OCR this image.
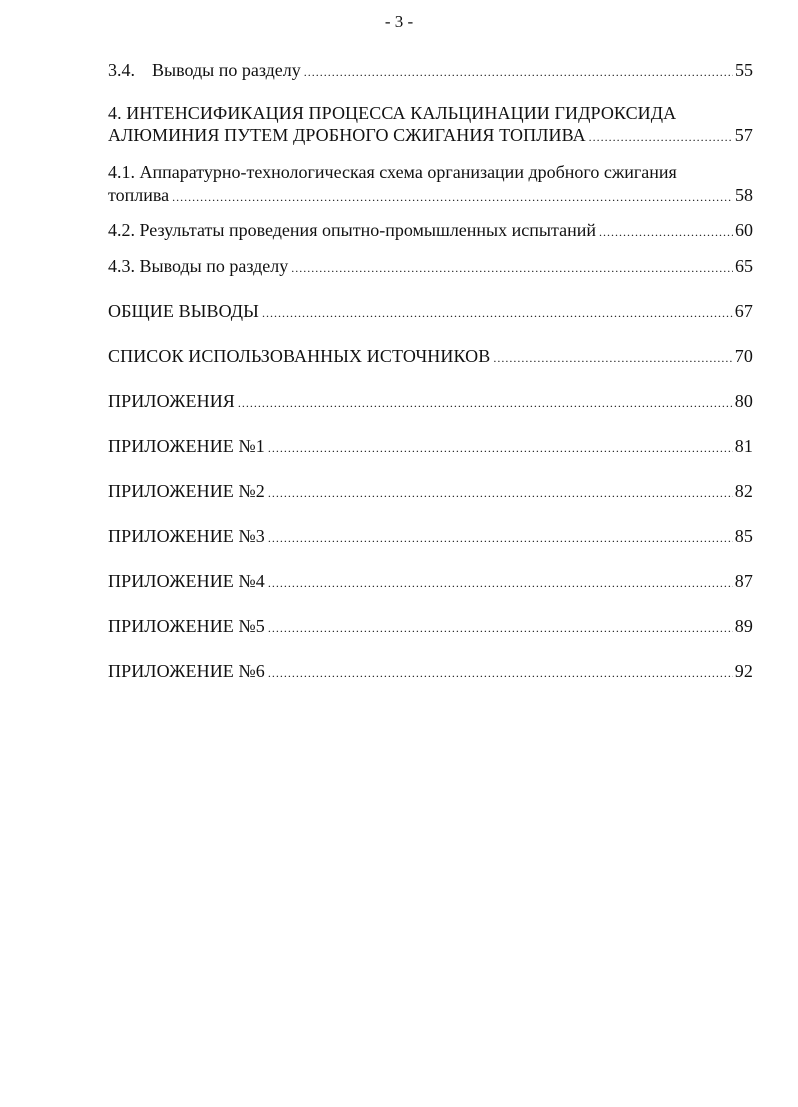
- 3 -
3.4. Выводы по разделу .....	55
4. ИНТЕНСИФИКАЦИЯ ПРОЦЕССА КАЛЬЦИНАЦИИ ГИДРОКСИДА
АЛЮМИНИЯ ПУТЕМ ДРОБНОГО СЖИГАНИЯ ТОПЛИВА .....	57
4.1. Аппаратурно-технологическая схема организации дробного сжигания
топлива .....	58
4.2. Результаты проведения опытно-промышленных испытаний .....	60
4.3. Выводы по разделу .....	65
ОБЩИЕ ВЫВОДЫ .....	67
СПИСОК ИСПОЛЬЗОВАННЫХ ИСТОЧНИКОВ .....	70
ПРИЛОЖЕНИЯ .....	80
ПРИЛОЖЕНИЕ №1 .....	81
ПРИЛОЖЕНИЕ №2 .....	82
ПРИЛОЖЕНИЕ №3 .....	85
ПРИЛОЖЕНИЕ №4 .....	87
ПРИЛОЖЕНИЕ №5 .....	89
ПРИЛОЖЕНИЕ №6 .....	92
